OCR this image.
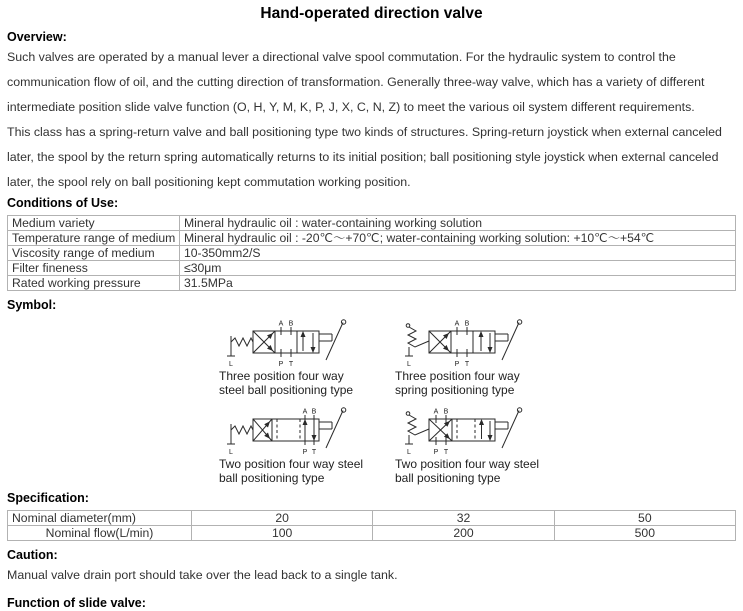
Hand-operated direction valve
Overview:

Such valves are operated by a manual lever a directional valve spool commutation. For the hydraulic system to control the communication flow of oil, and the cutting direction of transformation. Generally three-way valve, which has a variety of different intermediate position slide valve function (O, H, Y, M, K, P, J, X, C, N, Z) to meet the various oil system different requirements.

This class has a spring-return valve and ball positioning type two kinds of structures. Spring-return joystick when external canceled later, the spool by the return spring automatically returns to its initial position; ball positioning style joystick when external canceled later, the spool rely on ball positioning kept commutation working position.

Conditions of Use:
Medium variety	Mineral hydraulic oil : water-containing working solution
Temperature range of medium	Mineral hydraulic oil : -20℃～+70℃; water-containing working solution: +10℃～+54℃
Viscosity range of medium	10-350mm2/S
Filter fineness	≤30μm
Rated working pressure	31.5MPa
Symbol:
A B
P T
L
Three position four way
steel ball positioning type
A B
P T
L
Three position four way
spring positioning type
A B
P T
L
Two position four way steel
ball positioning type
A B
P T
L
Two position four way steel
ball positioning type
Specification:
Nominal diameter(mm)	20	32	50
Nominal flow(L/min)	100	200	500
Caution:

Manual valve drain port should take over the lead back to a single tank.

Function of slide valve:
